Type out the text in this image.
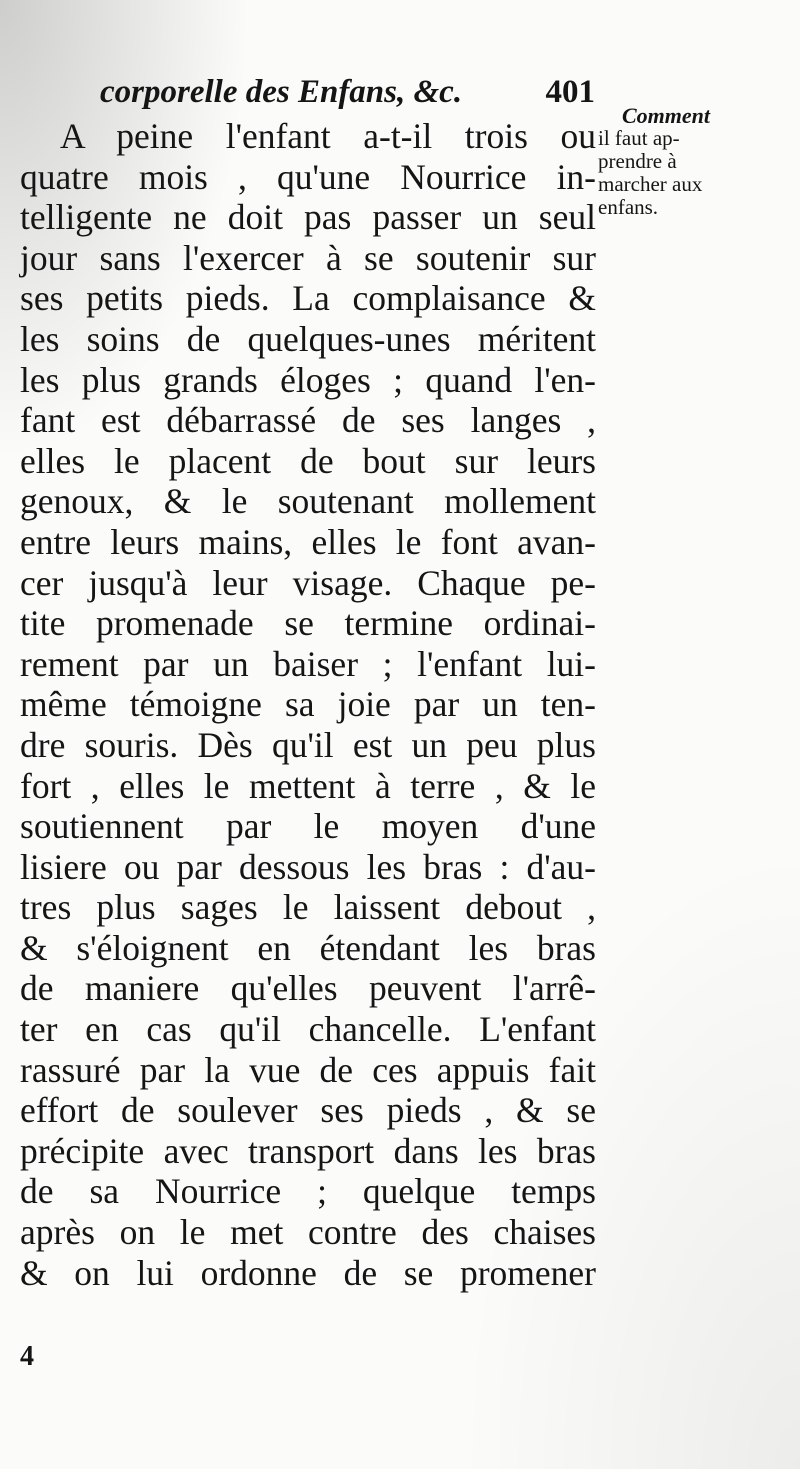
corporelle des Enfans, &c.	401
Comment
il faut ap-
prendre à
marcher aux
enfans.
A peine l'enfant a-t-il trois ou
quatre mois , qu'une Nourrice in-
telligente ne doit pas passer un seul
jour sans l'exercer à se soutenir sur
ses petits pieds. La complaisance &
les soins de quelques-unes méritent
les plus grands éloges ; quand l'en-
fant est débarrassé de ses langes ,
elles le placent de bout sur leurs
genoux, & le soutenant mollement
entre leurs mains, elles le font avan-
cer jusqu'à leur visage. Chaque pe-
tite promenade se termine ordinai-
rement par un baiser ; l'enfant lui-
même témoigne sa joie par un ten-
dre souris. Dès qu'il est un peu plus
fort , elles le mettent à terre , & le
soutiennent par le moyen d'une
lisiere ou par dessous les bras : d'au-
tres plus sages le laissent debout ,
& s'éloignent en étendant les bras
de maniere qu'elles peuvent l'arrê-
ter en cas qu'il chancelle. L'enfant
rassuré par la vue de ces appuis fait
effort de soulever ses pieds , & se
précipite avec transport dans les bras
de sa Nourrice ; quelque temps
après on le met contre des chaises
& on lui ordonne de se promener
4
